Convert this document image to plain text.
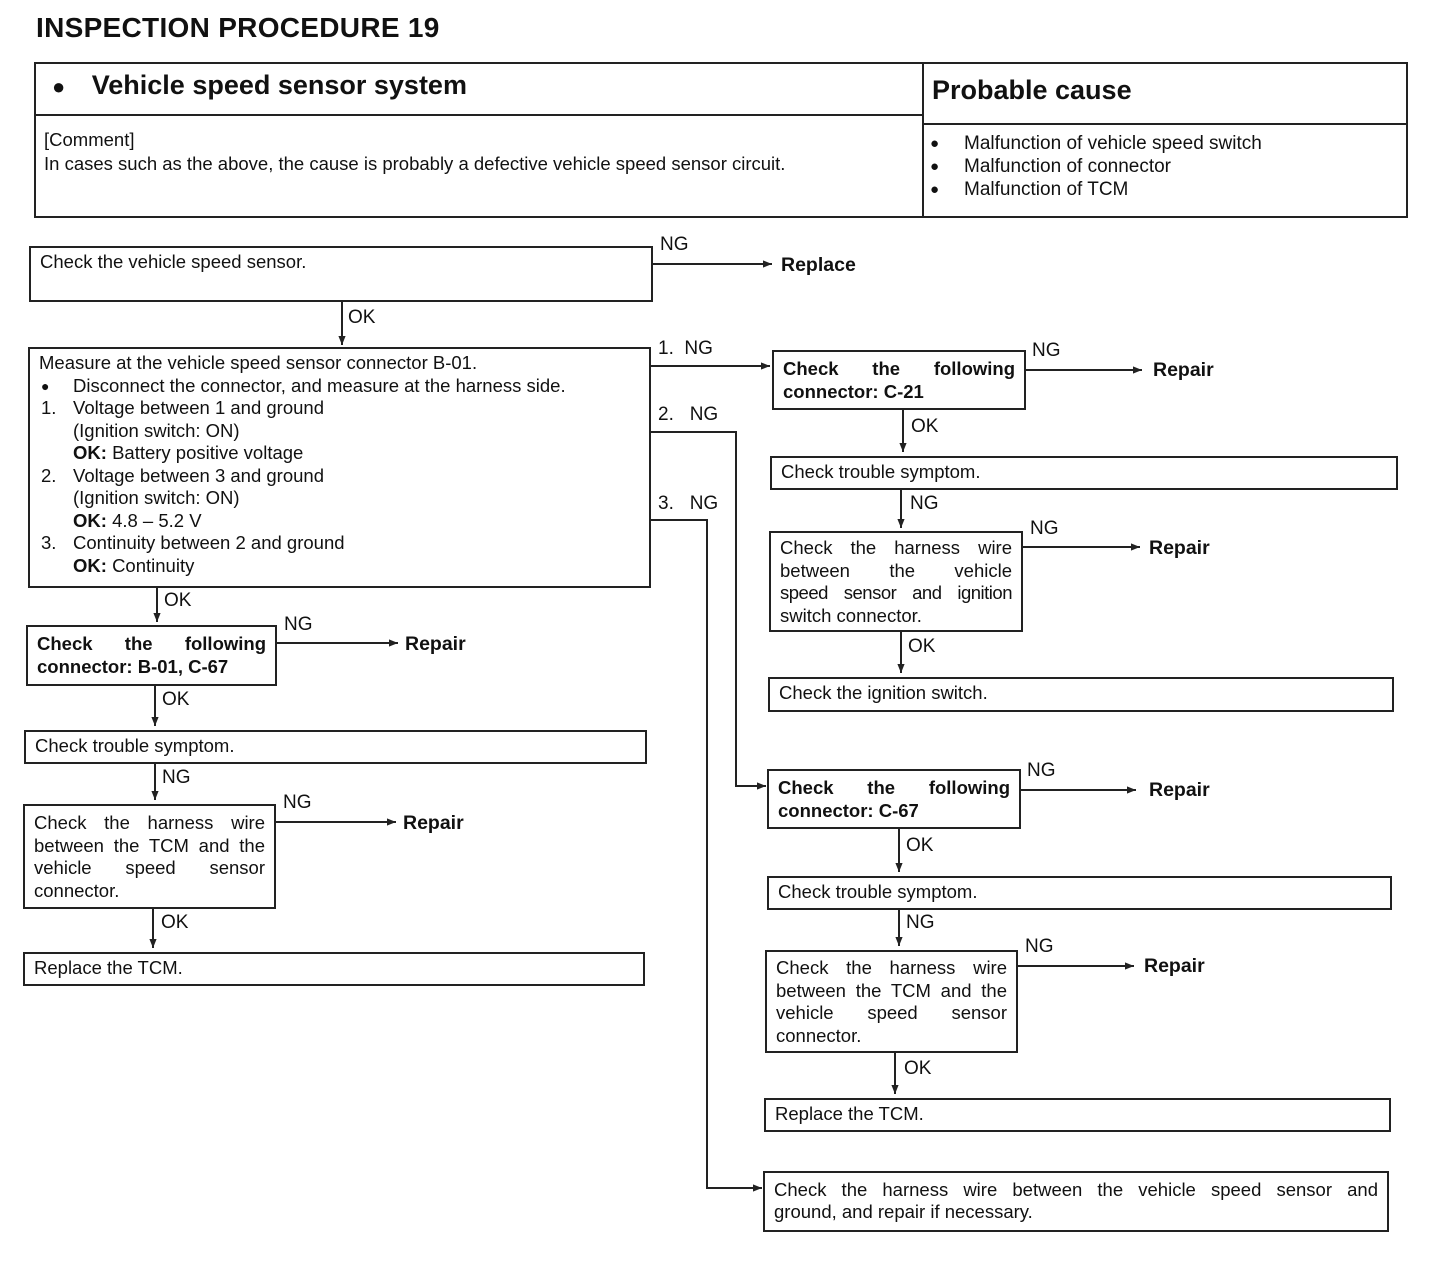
INSPECTION PROCEDURE 19
● Vehicle speed sensor system	Probable cause
[Comment]
In cases such as the above, the cause is probably a defective vehicle speed sensor circuit.
● Malfunction of vehicle speed switch
● Malfunction of connector
● Malfunction of TCM
Check the vehicle speed sensor.
NG
Replace
OK
Measure at the vehicle speed sensor connector B-01.
● Disconnect the connector, and measure at the harness side.
1. Voltage between 1 and ground
(Ignition switch: ON)
OK: Battery positive voltage
2. Voltage between 3 and ground
(Ignition switch: ON)
OK: 4.8 – 5.2 V
3. Continuity between 2 and ground
OK: Continuity
1. NG
2. NG
3. NG
OK
Check the following
connector: B-01, C-67
NG
Repair
OK
Check trouble symptom.
NG
Check the harness wire
between the TCM and the
vehicle speed sensor
connector.
NG
Repair
OK
Replace the TCM.
Check the following
connector: C-21
NG
Repair
OK
Check trouble symptom.
NG
Check the harness wire
between the vehicle
speed sensor and ignition
switch connector.
NG
Repair
OK
Check the ignition switch.
Check the following
connector: C-67
NG
Repair
OK
Check trouble symptom.
NG
Check the harness wire
between the TCM and the
vehicle speed sensor
connector.
NG
Repair
OK
Replace the TCM.
Check the harness wire between the vehicle speed sensor and
ground, and repair if necessary.
